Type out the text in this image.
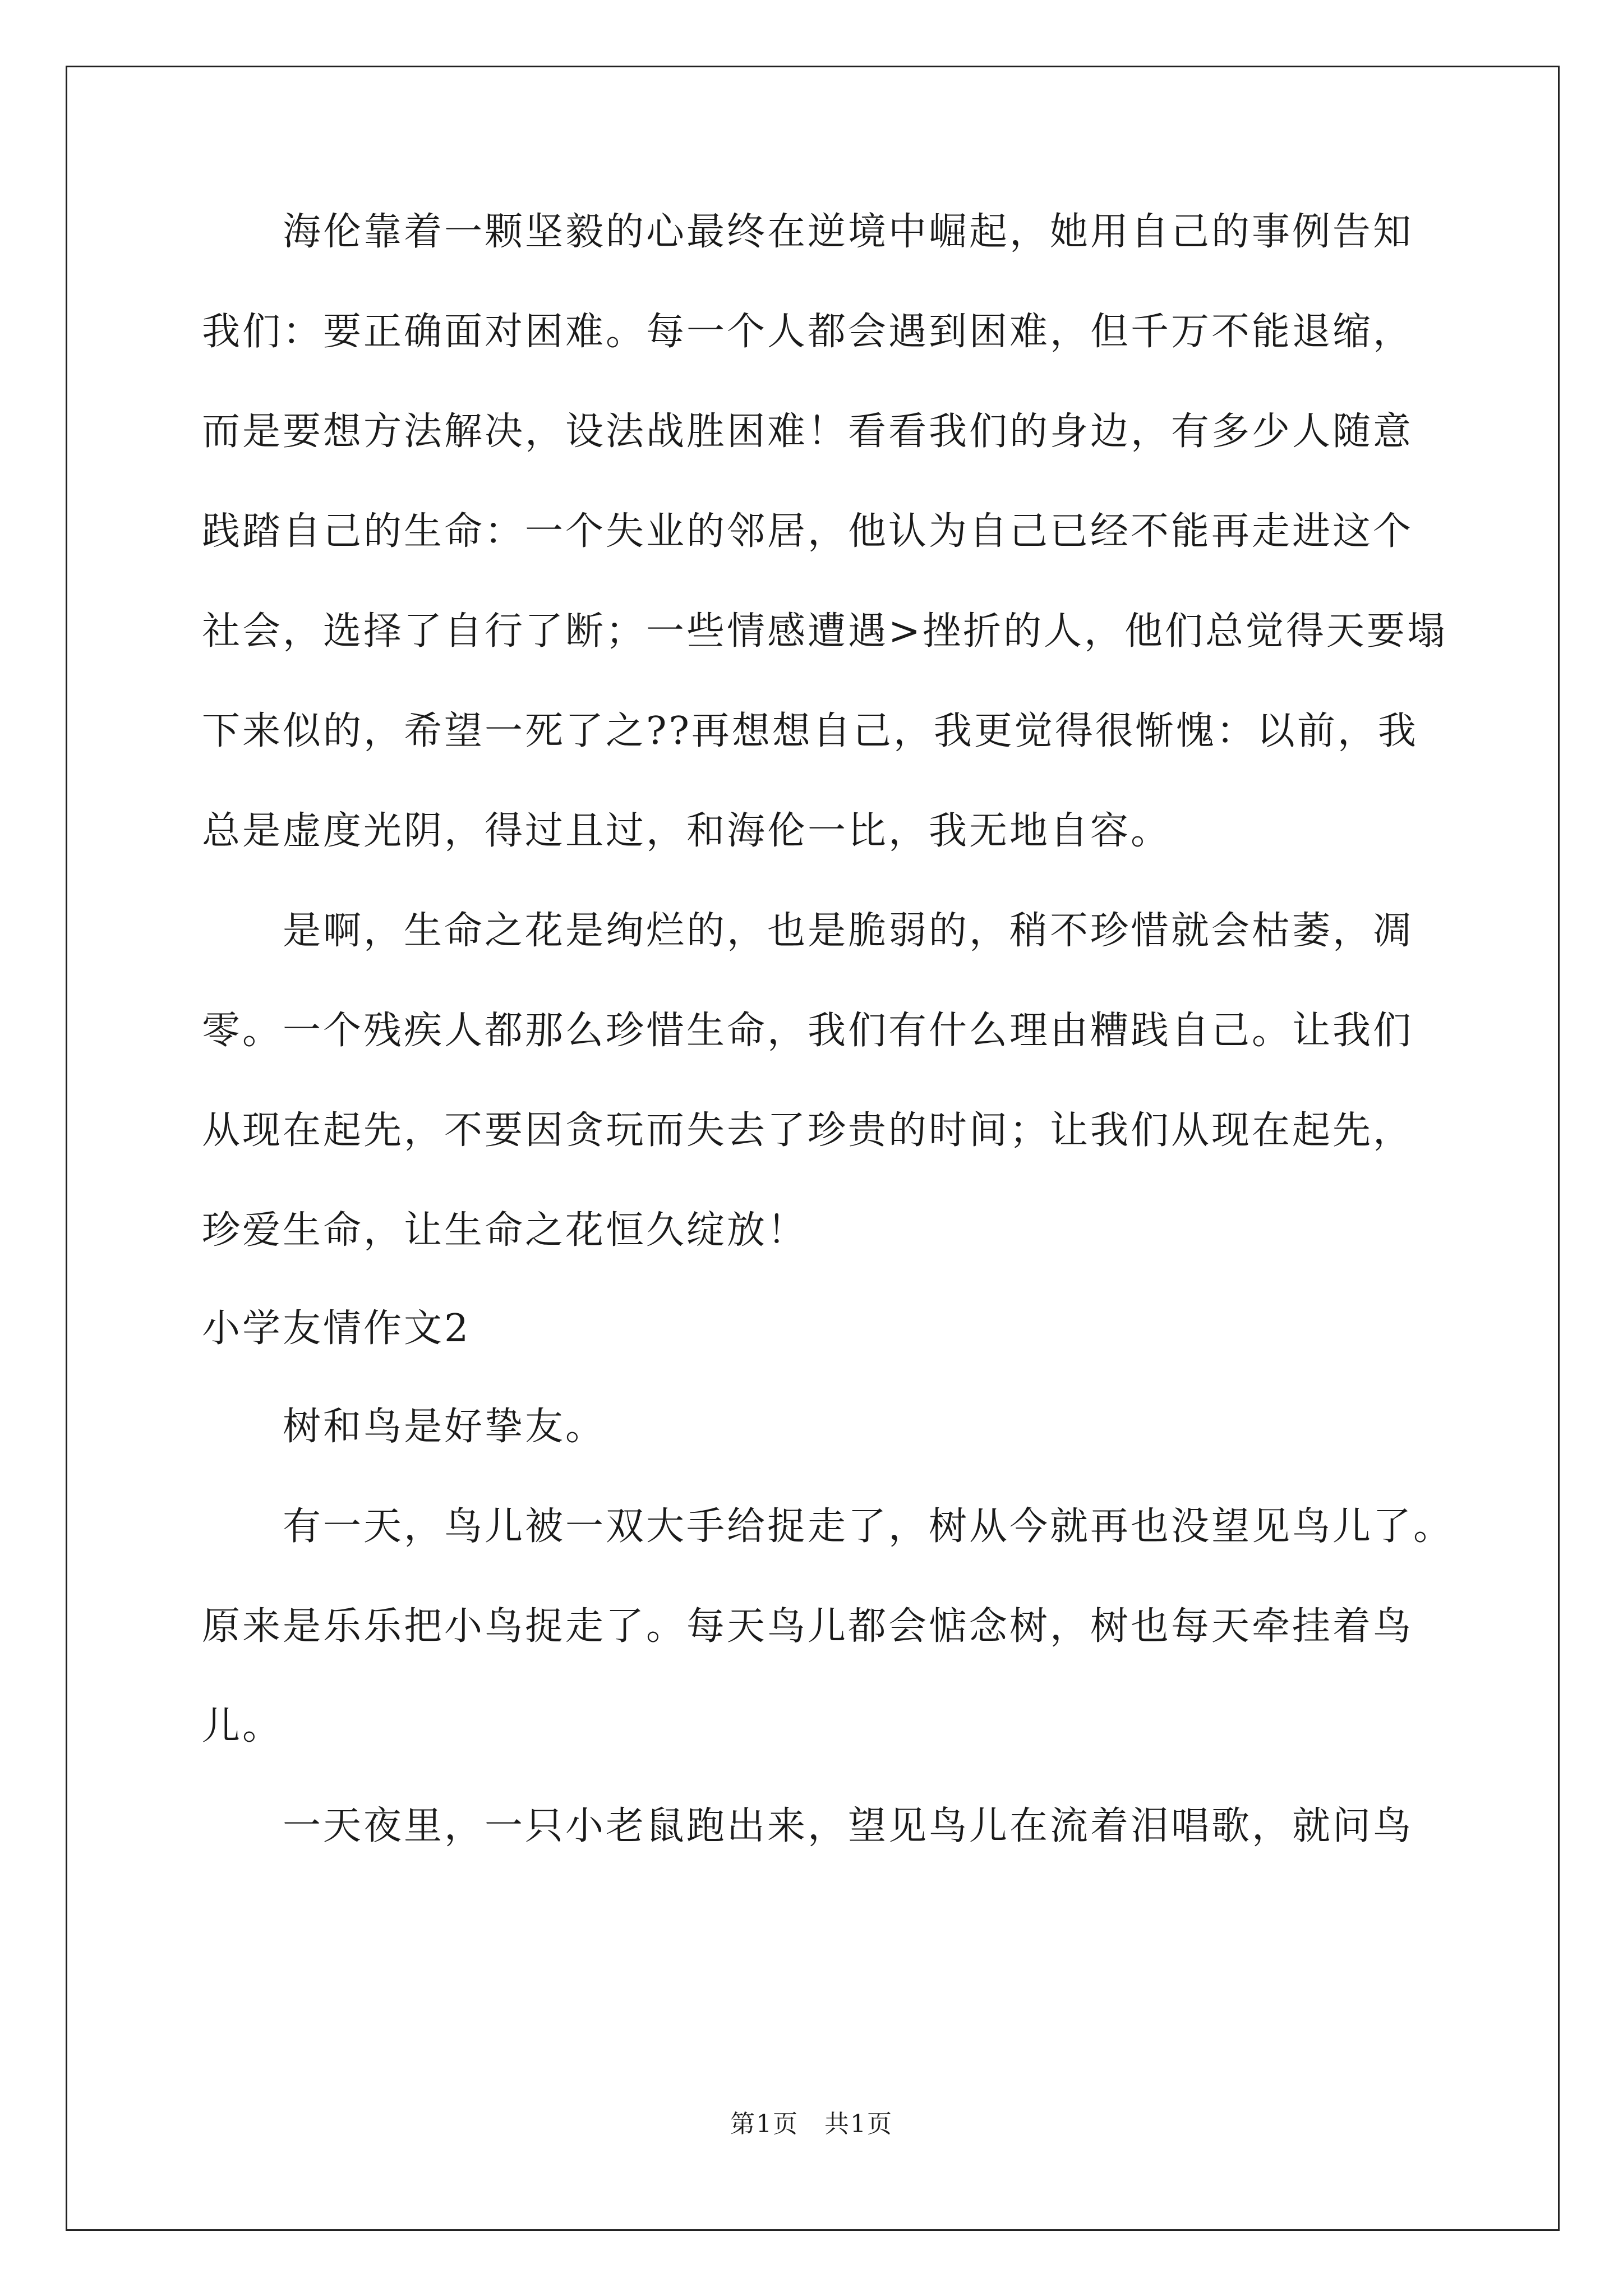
　　海伦靠着一颗坚毅的心最终在逆境中崛起，她用自己的事例告知
我们：要正确面对困难。每一个人都会遇到困难，但千万不能退缩，
而是要想方法解决，设法战胜困难！看看我们的身边，有多少人随意
践踏自己的生命：一个失业的邻居，他认为自己已经不能再走进这个
社会，选择了自行了断；一些情感遭遇>挫折的人，他们总觉得天要塌
下来似的，希望一死了之??再想想自己，我更觉得很惭愧：以前，我
总是虚度光阴，得过且过，和海伦一比，我无地自容。
　　是啊，生命之花是绚烂的，也是脆弱的，稍不珍惜就会枯萎，凋
零。一个残疾人都那么珍惜生命，我们有什么理由糟践自己。让我们
从现在起先，不要因贪玩而失去了珍贵的时间；让我们从现在起先，
珍爱生命，让生命之花恒久绽放！
小学友情作文2
　　树和鸟是好挚友。
　　有一天，鸟儿被一双大手给捉走了，树从今就再也没望见鸟儿了。
原来是乐乐把小鸟捉走了。每天鸟儿都会惦念树，树也每天牵挂着鸟
儿。
　　一天夜里，一只小老鼠跑出来，望见鸟儿在流着泪唱歌，就问鸟
第1页　共1页
